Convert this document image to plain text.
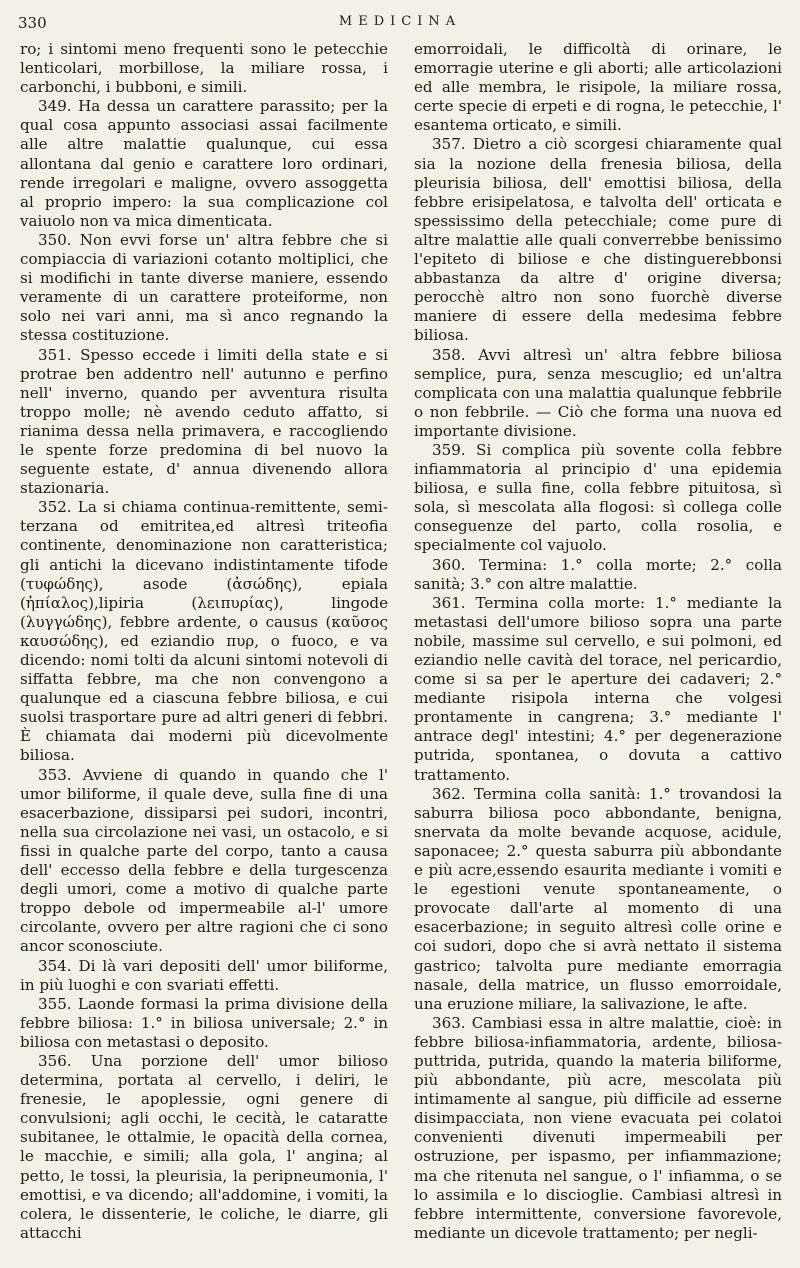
330	MEDICINA

ro; i sintomi meno frequenti sono le petecchie lenticolari, morbillose, la miliare rossa, i carbonchi, i bubboni, e simili.

349. Ha dessa un carattere parassito; per la qual cosa appunto associasi assai facilmente alle altre malattie qualunque, cui essa allontana dal genio e carattere loro ordinari, rende irregolari e maligne, ovvero assoggetta al proprio impero: la sua complicazione col vaiuolo non va mica dimenticata.

350. Non evvi forse un' altra febbre che si compiaccia di variazioni cotanto moltiplici, che si modifichi in tante diverse maniere, essendo veramente di un carattere proteiforme, non solo nei vari anni, ma sì anco regnando la stessa costituzione.

351. Spesso eccede i limiti della state e si protrae ben addentro nell' autunno e perfino nell' inverno, quando per avventura risulta troppo molle; nè avendo ceduto affatto, si rianima dessa nella primavera, e raccogliendo le spente forze predomina di bel nuovo la seguente estate, d' annua divenendo allora stazionaria.

352. La si chiama continua-remittente, semi-terzana od emitritea,ed altresì triteofia continente, denominazione non caratteristica; gli antichi la dicevano indistintamente tifode (τυφώδης), asode (ἀσώδης), epiala (ἠπίαλος),lipiria (λειπυρίας), lingode (λυγγώδης), febbre ardente, o causus (καῦσος καυσώδης), ed eziandio πυρ, o fuoco, e va dicendo: nomi tolti da alcuni sintomi notevoli di siffatta febbre, ma che non convengono a qualunque ed a ciascuna febbre biliosa, e cui suolsi trasportare pure ad altri generi di febbri. È chiamata dai moderni più dicevolmente biliosa.

353. Avviene di quando in quando che l' umor biliforme, il quale deve, sulla fine di una esacerbazione, dissiparsi pei sudori, incontri, nella sua circolazione nei vasi, un ostacolo, e si fissi in qualche parte del corpo, tanto a causa dell' eccesso della febbre e della turgescenza degli umori, come a motivo di qualche parte troppo debole od impermeabile al-l' umore circolante, ovvero per altre ragioni che ci sono ancor sconosciute.

354. Di là vari depositi dell' umor biliforme, in più luoghi e con svariati effetti.

355. Laonde formasi la prima divisione della febbre biliosa: 1.° in biliosa universale; 2.° in biliosa con metastasi o deposito.

356. Una porzione dell' umor bilioso determina, portata al cervello, i deliri, le frenesie, le apoplessie, ogni genere di convulsioni; agli occhi, le cecità, le cataratte subitanee, le ottalmie, le opacità della cornea, le macchie, e simili; alla gola, l' angina; al petto, le tossi, la pleurisia, la peripneumonia, l' emottisi, e va dicendo; all'addomine, i vomiti, la colera, le dissenterie, le coliche, le diarre, gli attacchi

emorroidali, le difficoltà di orinare, le emorragie uterine e gli aborti; alle articolazioni ed alle membra, le risipole, la miliare rossa, certe specie di erpeti e di rogna, le petecchie, l' esantema orticato, e simili.

357. Dietro a ciò scorgesi chiaramente qual sia la nozione della frenesia biliosa, della pleurisia biliosa, dell' emottisi biliosa, della febbre erisipelatosa, e talvolta dell' orticata e spessissimo della petecchiale; come pure di altre malattie alle quali converrebbe benissimo l'epiteto di biliose e che distinguerebbonsi abbastanza da altre d' origine diversa; perocchè altro non sono fuorchè diverse maniere di essere della medesima febbre biliosa.

358. Avvi altresì un' altra febbre biliosa semplice, pura, senza mescuglio; ed un'altra complicata con una malattia qualunque febbrile o non febbrile. — Ciò che forma una nuova ed importante divisione.

359. Si complica più sovente colla febbre infiammatoria al principio d' una epidemia biliosa, e sulla fine, colla febbre pituitosa, sì sola, sì mescolata alla flogosi: sì collega colle conseguenze del parto, colla rosolia, e specialmente col vajuolo.

360. Termina: 1.° colla morte; 2.° colla sanità; 3.° con altre malattie.

361. Termina colla morte: 1.° mediante la metastasi dell'umore bilioso sopra una parte nobile, massime sul cervello, e sui polmoni, ed eziandio nelle cavità del torace, nel pericardio, come si sa per le aperture dei cadaveri; 2.° mediante risipola interna che volgesi prontamente in cangrena; 3.° mediante l' antrace degl' intestini; 4.° per degenerazione putrida, spontanea, o dovuta a cattivo trattamento.

362. Termina colla sanità: 1.° trovandosi la saburra biliosa poco abbondante, benigna, snervata da molte bevande acquose, acidule, saponacee; 2.° questa saburra più abbondante e più acre,essendo esaurita mediante i vomiti e le egestioni venute spontaneamente, o provocate dall'arte al momento di una esacerbazione; in seguito altresì colle orine e coi sudori, dopo che si avrà nettato il sistema gastrico; talvolta pure mediante emorragia nasale, della matrice, un flusso emorroidale, una eruzione miliare, la salivazione, le afte.

363. Cambiasi essa in altre malattie, cioè: in febbre biliosa-infiammatoria, ardente, biliosa-puttrida, putrida, quando la materia biliforme, più abbondante, più acre, mescolata più intimamente al sangue, più difficile ad esserne disimpacciata, non viene evacuata pei colatoi convenienti divenuti impermeabili per ostruzione, per ispasmo, per infiammazione; ma che ritenuta nel sangue, o l' infiamma, o se lo assimila e lo discioglie. Cambiasi altresì in febbre intermittente, conversione favorevole, mediante un dicevole trattamento; per negli-
